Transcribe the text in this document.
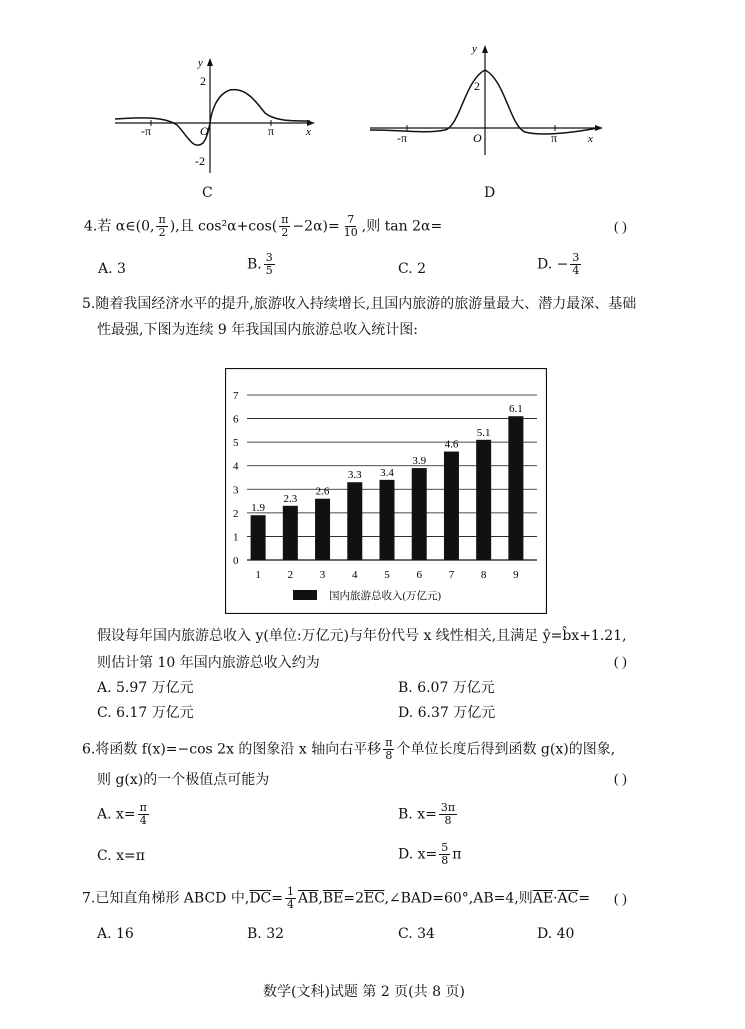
y
2
-2
O
-π	π	x
C
y
2
O
-π	π	x
D
4.若 α∈(0, $\frac{\pi}{2}$ ),且 $\cos^2\alpha+\cos( \frac{\pi}{2} -2\alpha)= \frac{7}{10}$ ,则 tan 2α=	( )
A. 3	B. $\frac{3}{5}$	C. 2	D. − $\frac{3}{4}$
5.随着我国经济水平的提升,旅游收入持续增长,且国内旅游的旅游量最大、潜力最深、基础
性最强,下图为连续 9 年我国国内旅游总收入统计图:
0
1
2
3
4
5
6
7
1.9
1
2.3
2
2.6
3
3.3
4
3.4
5
3.9
6
4.6
7
5.1
8
6.1
9
国内旅游总收入(万亿元)
假设每年国内旅游总收入 y(单位:万亿元)与年份代号 x 线性相关,且满足 ŷ=b̂x+1.21,
则估计第 10 年国内旅游总收入约为	( )
A. 5.97 万亿元	B. 6.07 万亿元
C. 6.17 万亿元	D. 6.37 万亿元
6.将函数 f(x)=−cos 2x 的图象沿 x 轴向右平移 $\frac{\pi}{8}$ 个单位长度后得到函数 g(x)的图象,
则 g(x)的一个极值点可能为	( )
A. $x= \frac{\pi}{4}$	B. $x= \frac{3\pi}{8}$
C. x=π	D. $x= \frac{5}{8}$ π
7.已知直角梯形 ABCD 中$,\overline{DC}= \frac{1}{4}$ $\overline{AB},\overline{BE}=2\overline{EC},\angle BAD=60^\circ,AB=4$,则$\overline{AE}\cdot\overline{AC}=$ ( )
A. 16	B. 32	C. 34	D. 40
数学(文科)试题 第 2 页(共 8 页)
